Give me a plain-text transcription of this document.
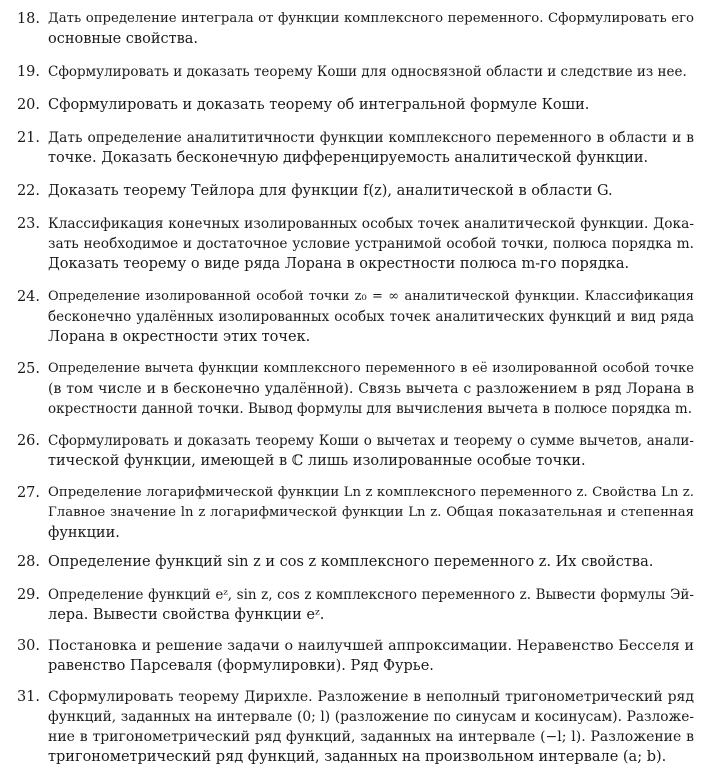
18. Дать определение интеграла от функции комплексного переменного. Сформулировать его
основные свойства.
19. Сформулировать и доказать теорему Коши для односвязной области и следствие из нее.
20. Сформулировать и доказать теорему об интегральной формуле Коши.
21. Дать определение аналититичности функции комплексного переменного в области и в
точке. Доказать бесконечную дифференцируемость аналитической функции.
22. Доказать теорему Тейлора для функции f(z), аналитической в области G.
23. Классификация конечных изолированных особых точек аналитической функции. Дока-
зать необходимое и достаточное условие устранимой особой точки, полюса порядка m.
Доказать теорему о виде ряда Лорана в окрестности полюса m-го порядка.
24. Определение изолированной особой точки z₀ = ∞ аналитической функции. Классификация
бесконечно удалённых изолированных особых точек аналитических функций и вид ряда
Лорана в окрестности этих точек.
25. Определение вычета функции комплексного переменного в её изолированной особой точке
(в том числе и в бесконечно удалённой). Связь вычета с разложением в ряд Лорана в
окрестности данной точки. Вывод формулы для вычисления вычета в полюсе порядка m.
26. Сформулировать и доказать теорему Коши о вычетах и теорему о сумме вычетов, анали-
тической функции, имеющей в ℂ лишь изолированные особые точки.
27. Определение логарифмической функции Ln z комплексного переменного z. Свойства Ln z.
Главное значение ln z логарифмической функции Ln z. Общая показательная и степенная
функции.
28. Определение функций sin z и cos z комплексного переменного z. Их свойства.
29. Определение функций eᶻ, sin z, cos z комплексного переменного z. Вывести формулы Эй-
лера. Вывести свойства функции eᶻ.
30. Постановка и решение задачи о наилучшей аппроксимации. Неравенство Бесселя и
равенство Парсеваля (формулировки). Ряд Фурье.
31. Сформулировать теорему Дирихле. Разложение в неполный тригонометрический ряд
функций, заданных на интервале (0; l) (разложение по синусам и косинусам). Разложе-
ние в тригонометрический ряд функций, заданных на интервале (−l; l). Разложение в
тригонометрический ряд функций, заданных на произвольном интервале (a; b).
